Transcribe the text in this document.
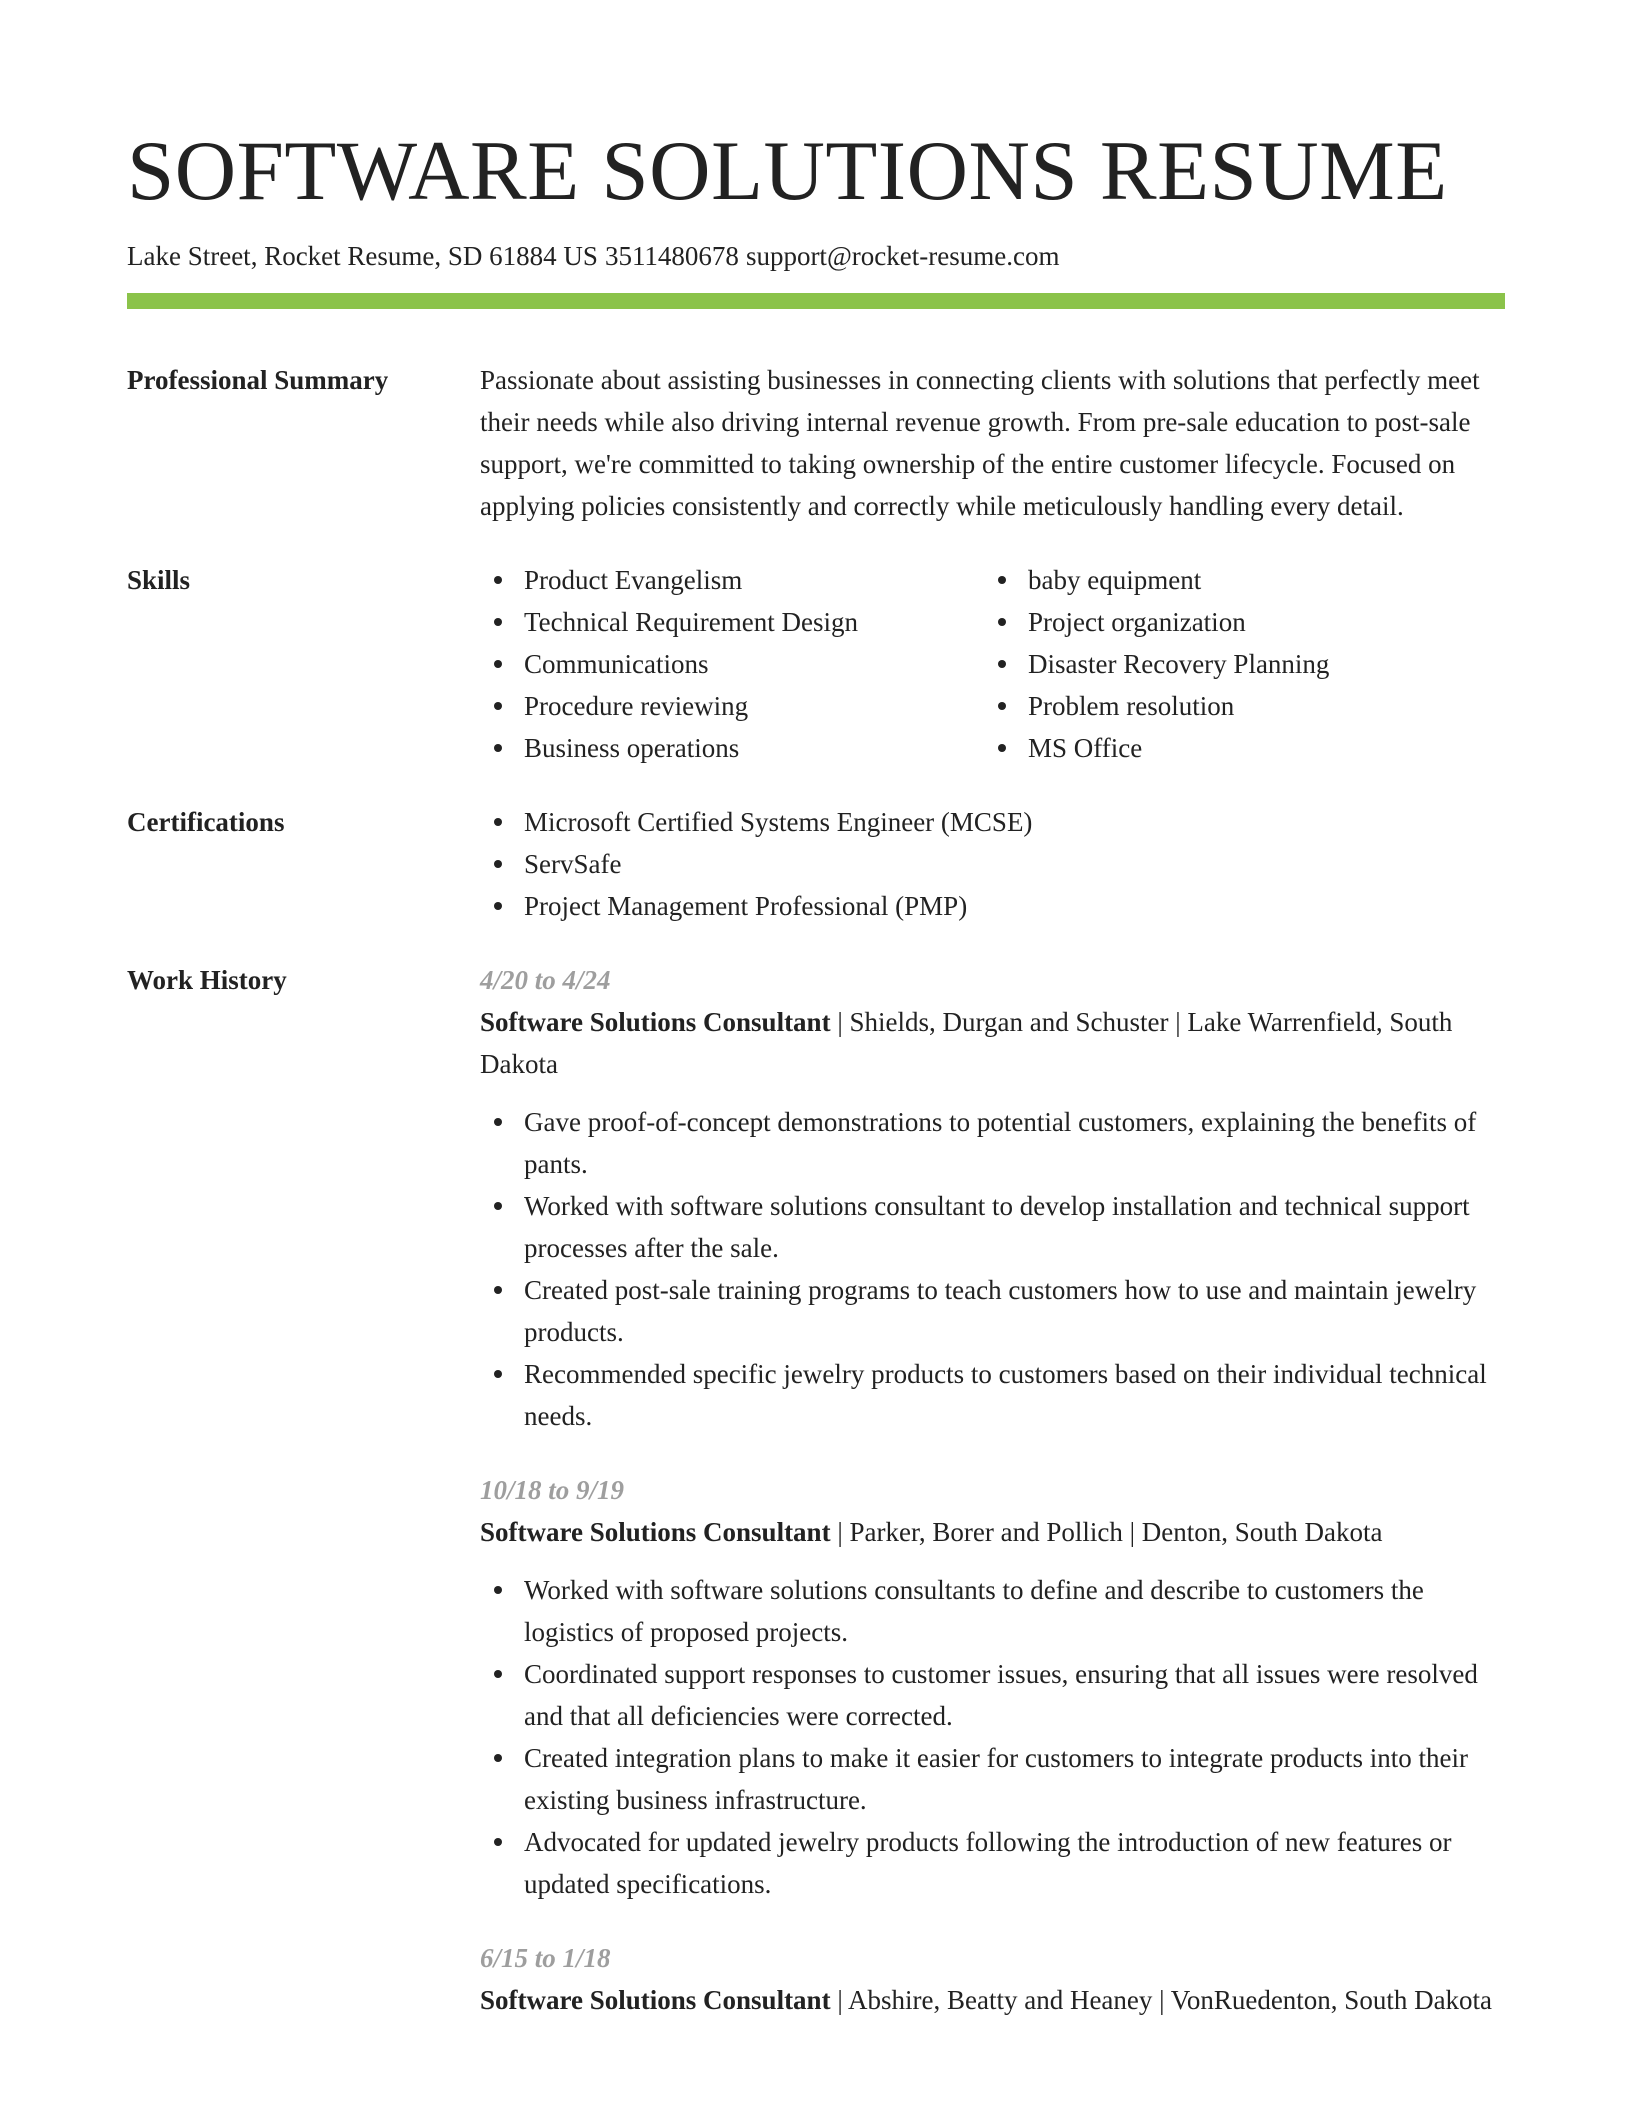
SOFTWARE SOLUTIONS RESUME
Lake Street, Rocket Resume, SD 61884 US 3511480678 support@rocket-resume.com
Professional Summary	Passionate about assisting businesses in connecting clients with solutions that perfectly meet their needs while also driving internal revenue growth. From pre-sale education to post-sale support, we're committed to taking ownership of the entire customer lifecycle. Focused on applying policies consistently and correctly while meticulously handling every detail.

Skills	Product Evangelism
Technical Requirement Design
Communications
Procedure reviewing
Business operations
baby equipment
Project organization
Disaster Recovery Planning
Problem resolution
MS Office
Certifications	Microsoft Certified Systems Engineer (MCSE)
ServSafe
Project Management Professional (PMP)
Work History	4/20 to 4/24

Software Solutions Consultant | Shields, Durgan and Schuster | Lake Warrenfield, South Dakota

Gave proof-of-concept demonstrations to potential customers, explaining the benefits of pants.
Worked with software solutions consultant to develop installation and technical support processes after the sale.
Created post-sale training programs to teach customers how to use and maintain jewelry products.
Recommended specific jewelry products to customers based on their individual technical needs.
10/18 to 9/19

Software Solutions Consultant | Parker, Borer and Pollich | Denton, South Dakota

Worked with software solutions consultants to define and describe to customers the logistics of proposed projects.
Coordinated support responses to customer issues, ensuring that all issues were resolved and that all deficiencies were corrected.
Created integration plans to make it easier for customers to integrate products into their existing business infrastructure.
Advocated for updated jewelry products following the introduction of new features or updated specifications.
6/15 to 1/18

Software Solutions Consultant | Abshire, Beatty and Heaney | VonRuedenton, South Dakota
